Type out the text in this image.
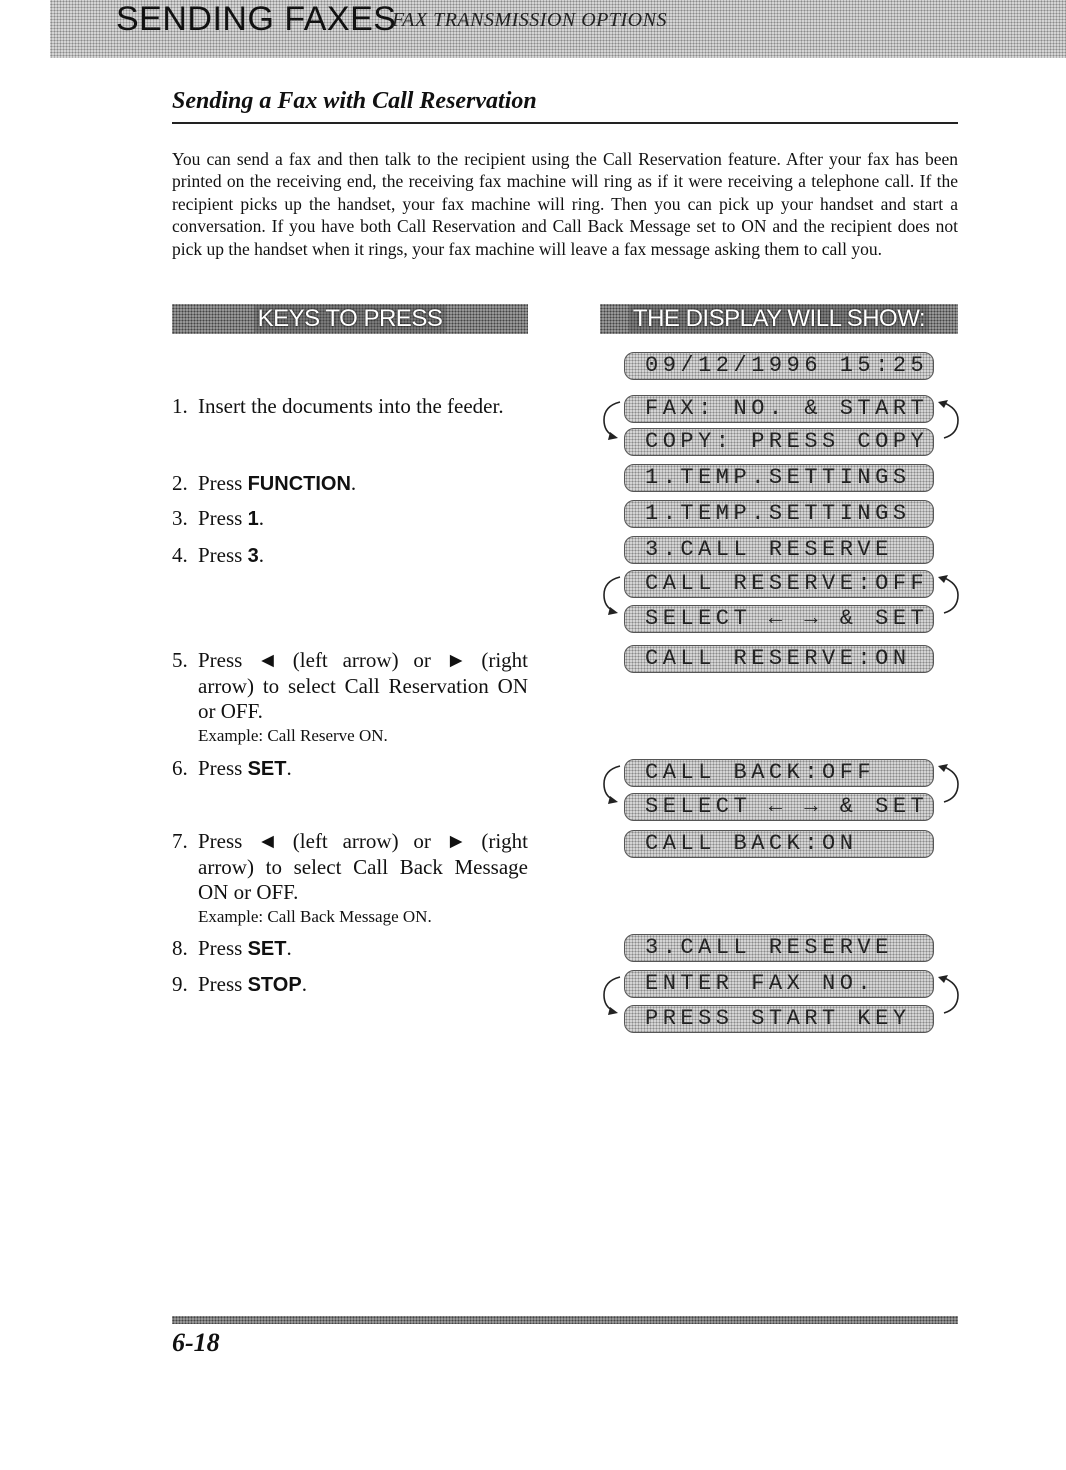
SENDING FAXES
FAX TRANSMISSION OPTIONS
Sending a Fax with Call Reservation
You can send a fax and then talk to the recipient using the Call Reservation feature. After your fax has been printed on the receiving end, the receiving fax machine will ring as if it were receiving a telephone call. If the recipient picks up the handset, your fax machine will ring. Then you can pick up your handset and start a conversation. If you have both Call Reservation and Call Back Message set to ON and the recipient does not pick up the handset when it rings, your fax machine will leave a fax message asking them to call you.
KEYS TO PRESS	THE DISPLAY WILL SHOW:
1. Insert the documents into the feeder.
2. Press FUNCTION.
3. Press 1.
4. Press 3.
5. Press ◄ (left arrow) or ► (right arrow) to select Call Reservation ON or OFF.
Example: Call Reserve ON.
6. Press SET.
7. Press ◄ (left arrow) or ► (right arrow) to select Call Back Message ON or OFF.
Example: Call Back Message ON.
8. Press SET.
9. Press STOP.
09/12/1996 15:25
FAX: NO. & START
COPY: PRESS COPY
1.TEMP.SETTINGS
1.TEMP.SETTINGS
3.CALL RESERVE
CALL RESERVE:OFF
SELECT ← → & SET
CALL RESERVE:ON
CALL BACK:OFF
SELECT ← → & SET
CALL BACK:ON
3.CALL RESERVE
ENTER FAX NO.
PRESS START KEY
6-18
